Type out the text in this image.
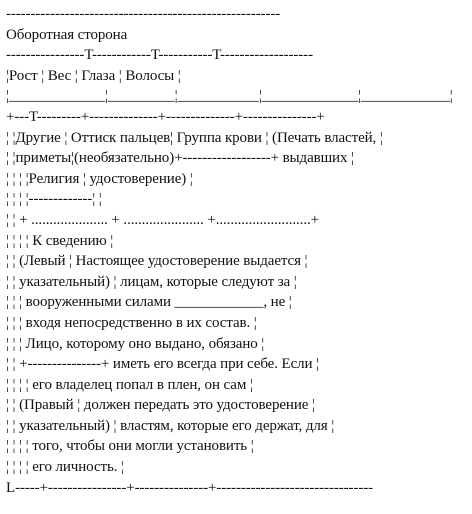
--------------------------------------------------------
Оборотная сторона
----------------T------------T-----------T-------------------
¦Рост ¦ Вес ¦ Глаза ¦ Волосы ¦
¦_____________¦_________¦___________¦_____________¦____________¦
+---T---------+--------------+--------------+---------------+
¦ ¦Другие ¦ Оттиск пальцев¦ Группа крови ¦ (Печать властей, ¦
¦ ¦приметы¦(необязательно)+------------------+ выдавших ¦
¦ ¦ ¦ ¦Религия ¦ удостоверение) ¦
¦ ¦ ¦ ¦-------------¦ ¦
¦ ¦ + ..................... + ...................... +..........................+
¦ ¦ ¦ ¦ К сведению ¦
¦ ¦ (Левый ¦ Настоящее удостоверение выдается ¦
¦ ¦ указательный) ¦ лицам, которые следуют за ¦
¦ ¦ ¦ вооруженными силами ____________, не ¦
¦ ¦ ¦ входя непосредственно в их состав. ¦
¦ ¦ ¦ Лицо, которому оно выдано, обязано ¦
¦ ¦ +---------------+ иметь его всегда при себе. Если ¦
¦ ¦ ¦ ¦ его владелец попал в плен, он сам ¦
¦ ¦ (Правый ¦ должен передать это удостоверение ¦
¦ ¦ указательный) ¦ властям, которые его держат, для ¦
¦ ¦ ¦ ¦ того, чтобы они могли установить ¦
¦ ¦ ¦ ¦ его личность. ¦
L-----+----------------+---------------+--------------------------------
